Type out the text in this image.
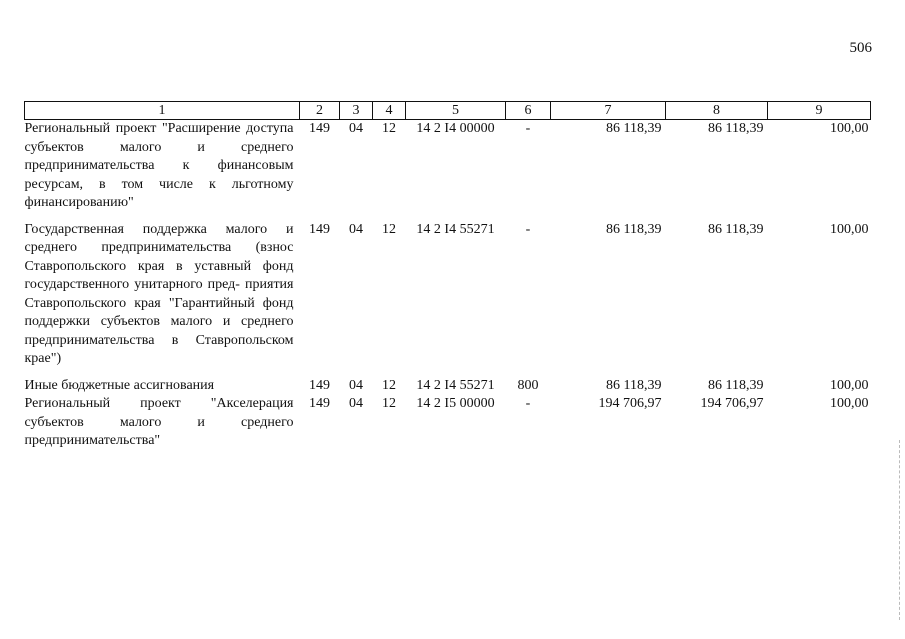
506
1	2	3	4	5	6	7	8	9
Региональный проект "Расширение доступа субъектов малого и среднего предпринимательства к финансовым ресурсам, в том числе к льготному финансированию"	149	04	12	14 2 I4 00000	-	86 118,39	86 118,39	100,00
Государственная поддержка малого и среднего предпринимательства (взнос Ставропольского края в уставный фонд государственного унитарного пред- приятия Ставропольского края "Гарантийный фонд поддержки субъектов малого и среднего предпринимательства в Ставропольском крае")	149	04	12	14 2 I4 55271	-	86 118,39	86 118,39	100,00
Иные бюджетные ассигнования	149	04	12	14 2 I4 55271	800	86 118,39	86 118,39	100,00
Региональный проект "Акселерация субъектов малого и среднего предпринимательства"	149	04	12	14 2 I5 00000	-	194 706,97	194 706,97	100,00
